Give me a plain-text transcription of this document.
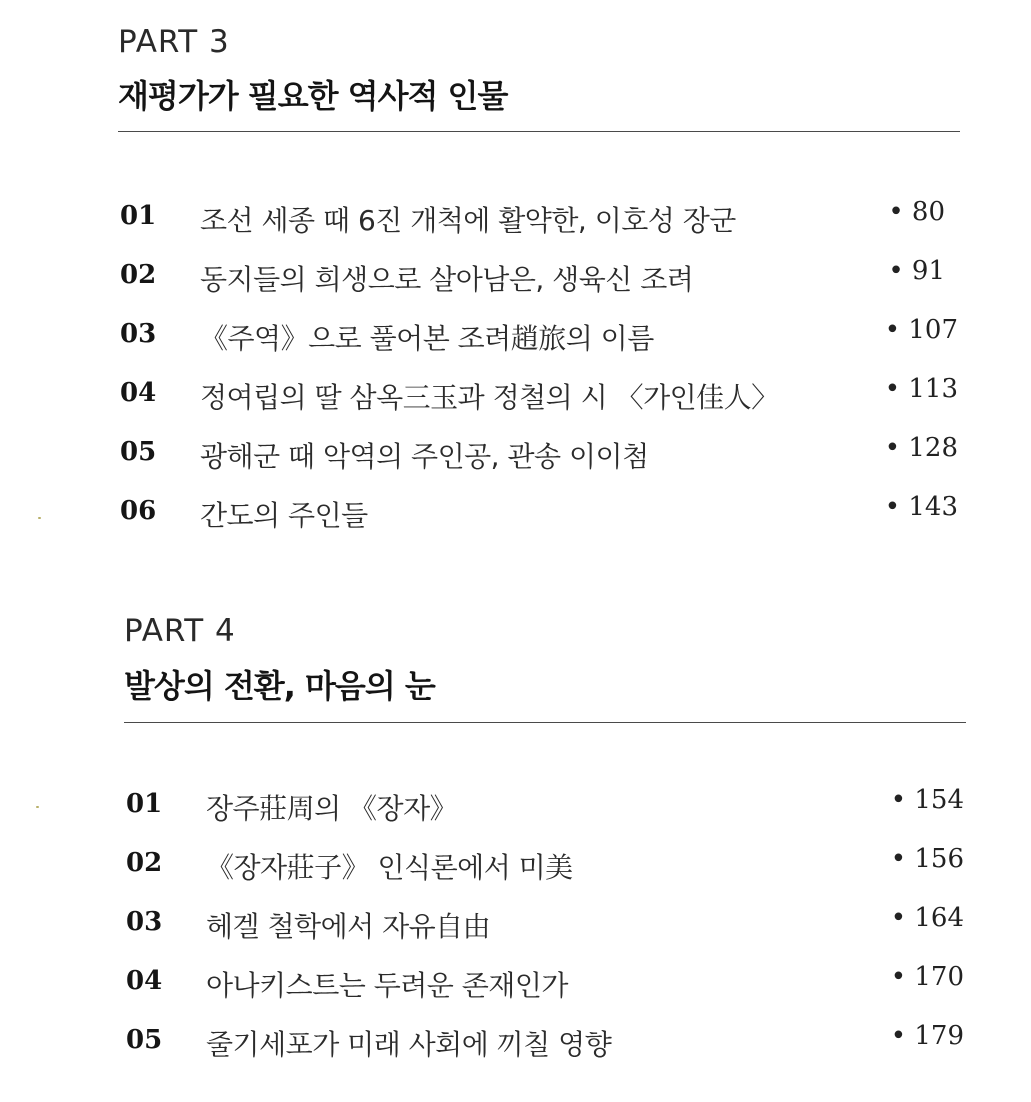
PART 3
재평가가 필요한 역사적 인물
01 조선 세종 때 6진 개척에 활약한, 이호성 장군	• 80
02 동지들의 희생으로 살아남은, 생육신 조려	• 91
03 《주역》으로 풀어본 조려趙旅의 이름	• 107
04 정여립의 딸 삼옥三玉과 정철의 시 〈가인佳人〉	• 113
05 광해군 때 악역의 주인공, 관송 이이첨	• 128
06 간도의 주인들	• 143
PART 4
발상의 전환, 마음의 눈
01 장주莊周의 《장자》	• 154
02 《장자莊子》 인식론에서 미美	• 156
03 헤겔 철학에서 자유自由	• 164
04 아나키스트는 두려운 존재인가	• 170
05 줄기세포가 미래 사회에 끼칠 영향	• 179
